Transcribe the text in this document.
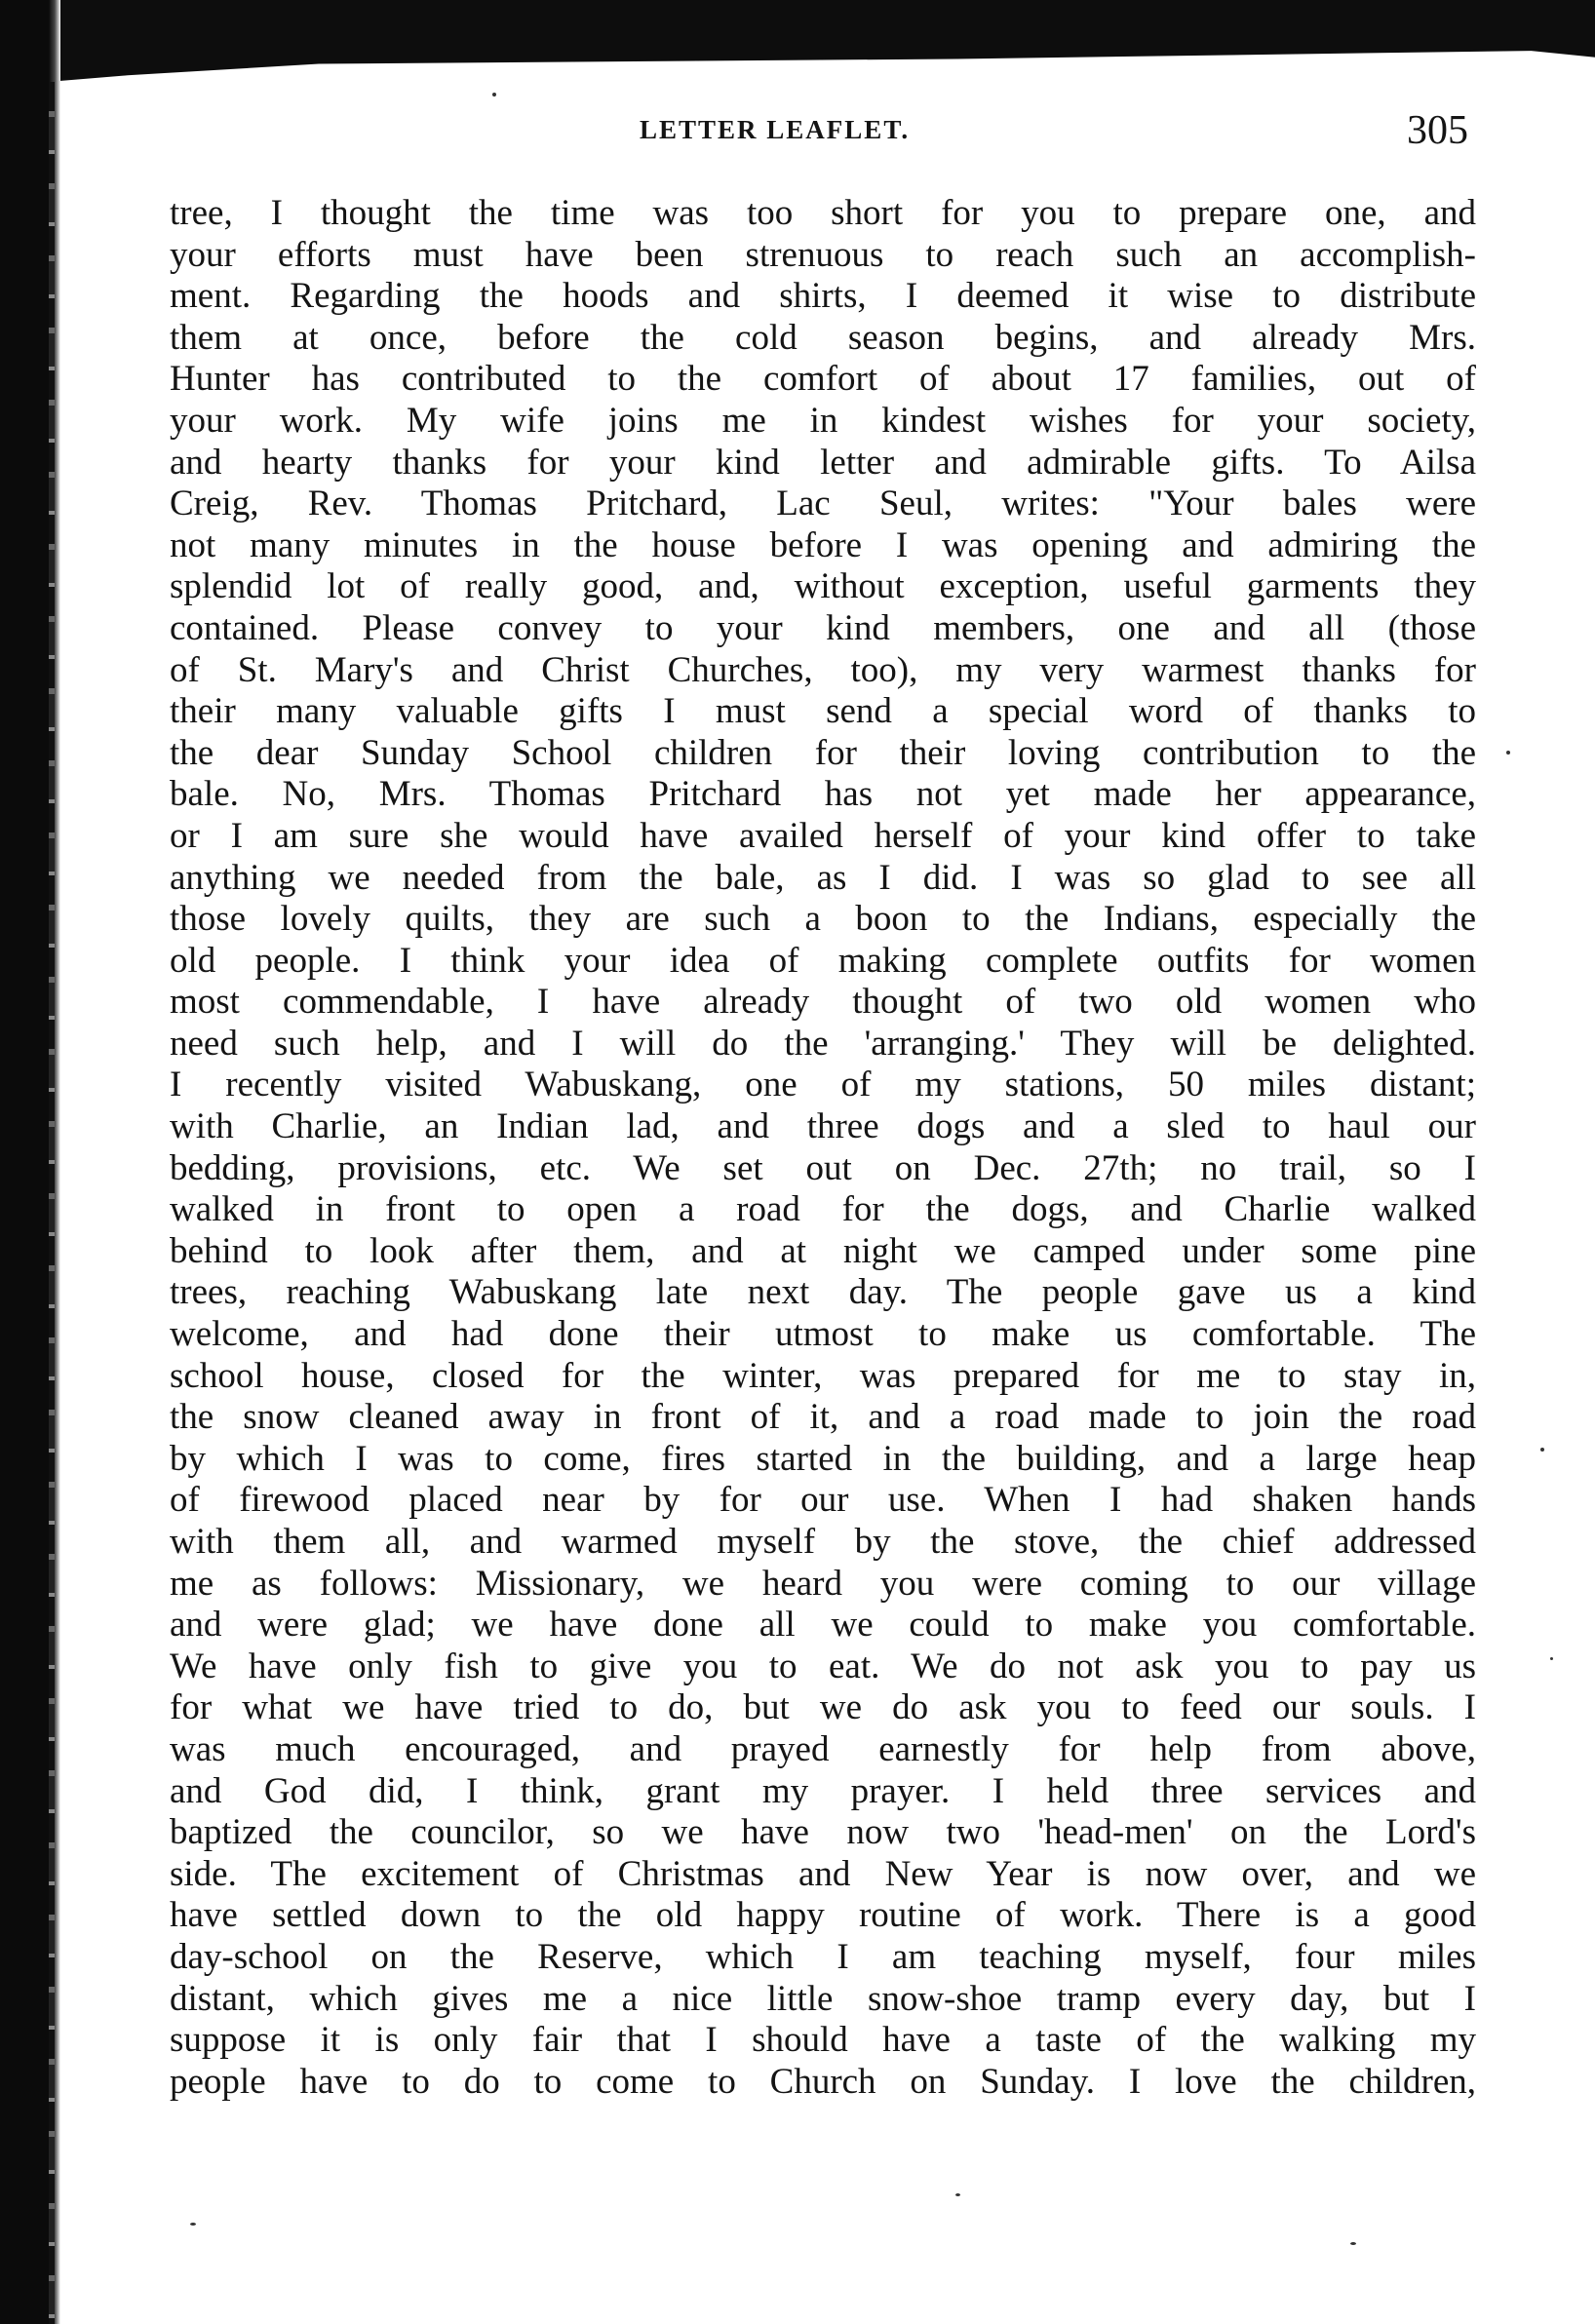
LETTER LEAFLET.	305
tree, I thought the time was too short for you to prepare one, and
your efforts must have been strenuous to reach such an accomplish-
ment. Regarding the hoods and shirts, I deemed it wise to distribute
them at once, before the cold season begins, and already Mrs.
Hunter has contributed to the comfort of about 17 families, out of
your work. My wife joins me in kindest wishes for your society,
and hearty thanks for your kind letter and admirable gifts. To Ailsa
Creig, Rev. Thomas Pritchard, Lac Seul, writes: "Your bales were
not many minutes in the house before I was opening and admiring the
splendid lot of really good, and, without exception, useful garments they
contained. Please convey to your kind members, one and all (those
of St. Mary's and Christ Churches, too), my very warmest thanks for
their many valuable gifts I must send a special word of thanks to
the dear Sunday School children for their loving contribution to the
bale. No, Mrs. Thomas Pritchard has not yet made her appearance,
or I am sure she would have availed herself of your kind offer to take
anything we needed from the bale, as I did. I was so glad to see all
those lovely quilts, they are such a boon to the Indians, especially the
old people. I think your idea of making complete outfits for women
most commendable, I have already thought of two old women who
need such help, and I will do the 'arranging.' They will be delighted.
I recently visited Wabuskang, one of my stations, 50 miles distant;
with Charlie, an Indian lad, and three dogs and a sled to haul our
bedding, provisions, etc. We set out on Dec. 27th; no trail, so I
walked in front to open a road for the dogs, and Charlie walked
behind to look after them, and at night we camped under some pine
trees, reaching Wabuskang late next day. The people gave us a kind
welcome, and had done their utmost to make us comfortable. The
school house, closed for the winter, was prepared for me to stay in,
the snow cleaned away in front of it, and a road made to join the road
by which I was to come, fires started in the building, and a large heap
of firewood placed near by for our use. When I had shaken hands
with them all, and warmed myself by the stove, the chief addressed
me as follows: Missionary, we heard you were coming to our village
and were glad; we have done all we could to make you comfortable.
We have only fish to give you to eat. We do not ask you to pay us
for what we have tried to do, but we do ask you to feed our souls. I
was much encouraged, and prayed earnestly for help from above,
and God did, I think, grant my prayer. I held three services and
baptized the councilor, so we have now two 'head-men' on the Lord's
side. The excitement of Christmas and New Year is now over, and we
have settled down to the old happy routine of work. There is a good
day-school on the Reserve, which I am teaching myself, four miles
distant, which gives me a nice little snow-shoe tramp every day, but I
suppose it is only fair that I should have a taste of the walking my
people have to do to come to Church on Sunday. I love the children,
